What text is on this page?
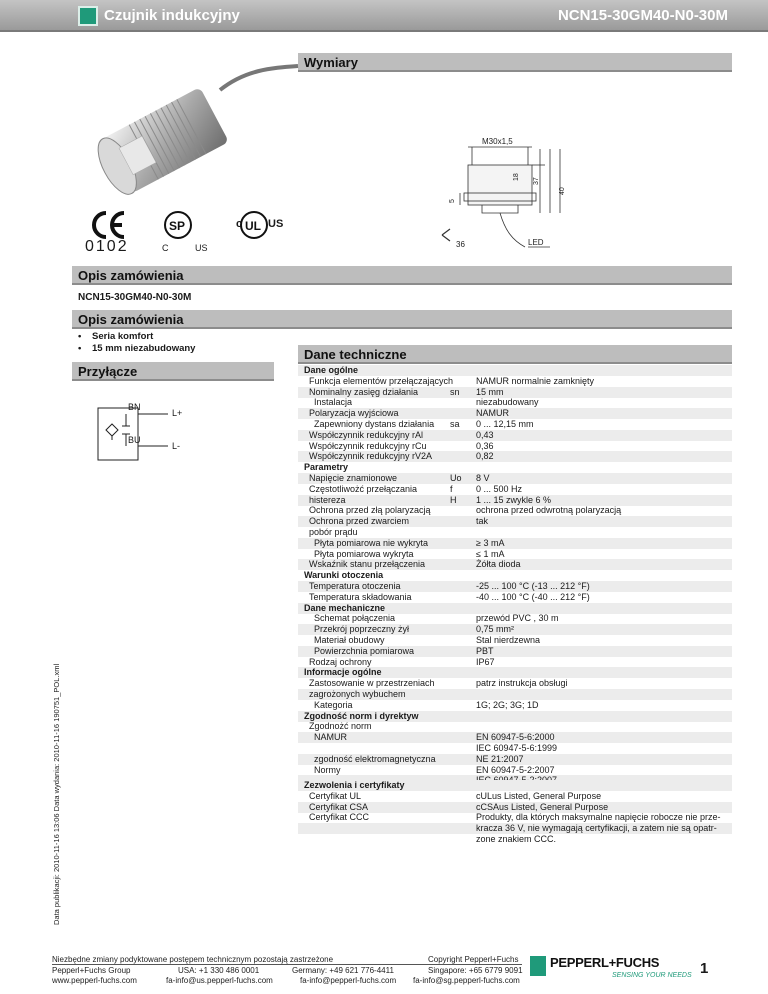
Czujnik indukcyjny	NCN15-30GM40-N0-30M
Wymiary
M30x1,5
5
18
37
40
36	LED
SP	UL
0102	C	US
c US
Opis zamówienia
NCN15-30GM40-N0-30M
Opis zamówienia
• Seria komfort
• 15 mm niezabudowany
Przyłącze
BN
BU
L+
L-
Dane techniczne
Dane ogólne
Funkcja elementów przełączających	NAMUR normalnie zamknięty
Nominalny zasięg działania	sn 15 mm
Instalacja	niezabudowany
Polaryzacja wyjściowa	NAMUR
Zapewniony dystans działania sa 0 ... 12,15 mm
Współczynnik redukcyjny rAl	0,43
Współczynnik redukcyjny rCu	0,36
Współczynnik redukcyjny rV2A	0,82
Parametry
Napięcie znamionowe	Uo 8 V
Częstotliwożć przełączania	f	0 ... 500 Hz
histereza	H 1 ... 15 zwykle 6 %
Ochrona przed złą polaryzacją	ochrona przed odwrotną polaryzacją
Ochrona przed zwarciem	tak
pobór prądu
Płyta pomiarowa nie wykryta	≥ 3 mA
Płyta pomiarowa wykryta	≤ 1 mA
Wskaźnik stanu przełączenia	Żółta dioda
Warunki otoczenia
Temperatura otoczenia	-25 ... 100 °C (-13 ... 212 °F)
Temperatura składowania	-40 ... 100 °C (-40 ... 212 °F)
Dane mechaniczne
Schemat połączenia	przewód PVC , 30 m
Przekrój poprzeczny żył	0,75 mm²
Materiał obudowy	Stal nierdzewna
Powierzchnia pomiarowa	PBT
Rodzaj ochrony	IP67
Informacje ogólne
Zastosowanie w przestrzeniach	patrz instrukcja obsługi
zagrożonych wybuchem
Kategoria	1G; 2G; 3G; 1D
Zgodność norm i dyrektyw
Zgodnożć norm
NAMUR	EN 60947-5-6:2000
IEC 60947-5-6:1999
zgodność elektromagnetyczna	NE 21:2007
Normy	EN 60947-5-2:2007
Zezwolenia i certyfikaty
Certyfikat UL	cULus Listed, General Purpose
Certyfikat CSA	cCSAus Listed, General Purpose
Certyfikat CCC	Produkty, dla których maksymalne napięcie robocze nie prze-
kracza 36 V, nie wymagają certyfikacji, a zatem nie są opatr-
zone znakiem CCC.
Data publikacji: 2010-11-16 13:06 Data wydania: 2010-11-16 190751_POL.xml
Niezbędne zmiany podyktowane postępem technicznym pozostają zastrzeżone	Copyright Pepperl+Fuchs
Pepperl+Fuchs Group
www.pepperl-fuchs.com
USA: +1 330 486 0001
fa-info@us.pepperl-fuchs.com
Germany: +49 621 776-4411
fa-info@pepperl-fuchs.com
Singapore: +65 6779 9091
fa-info@sg.pepperl-fuchs.com
PEPPERL+FUCHS
SENSING YOUR NEEDS 1
